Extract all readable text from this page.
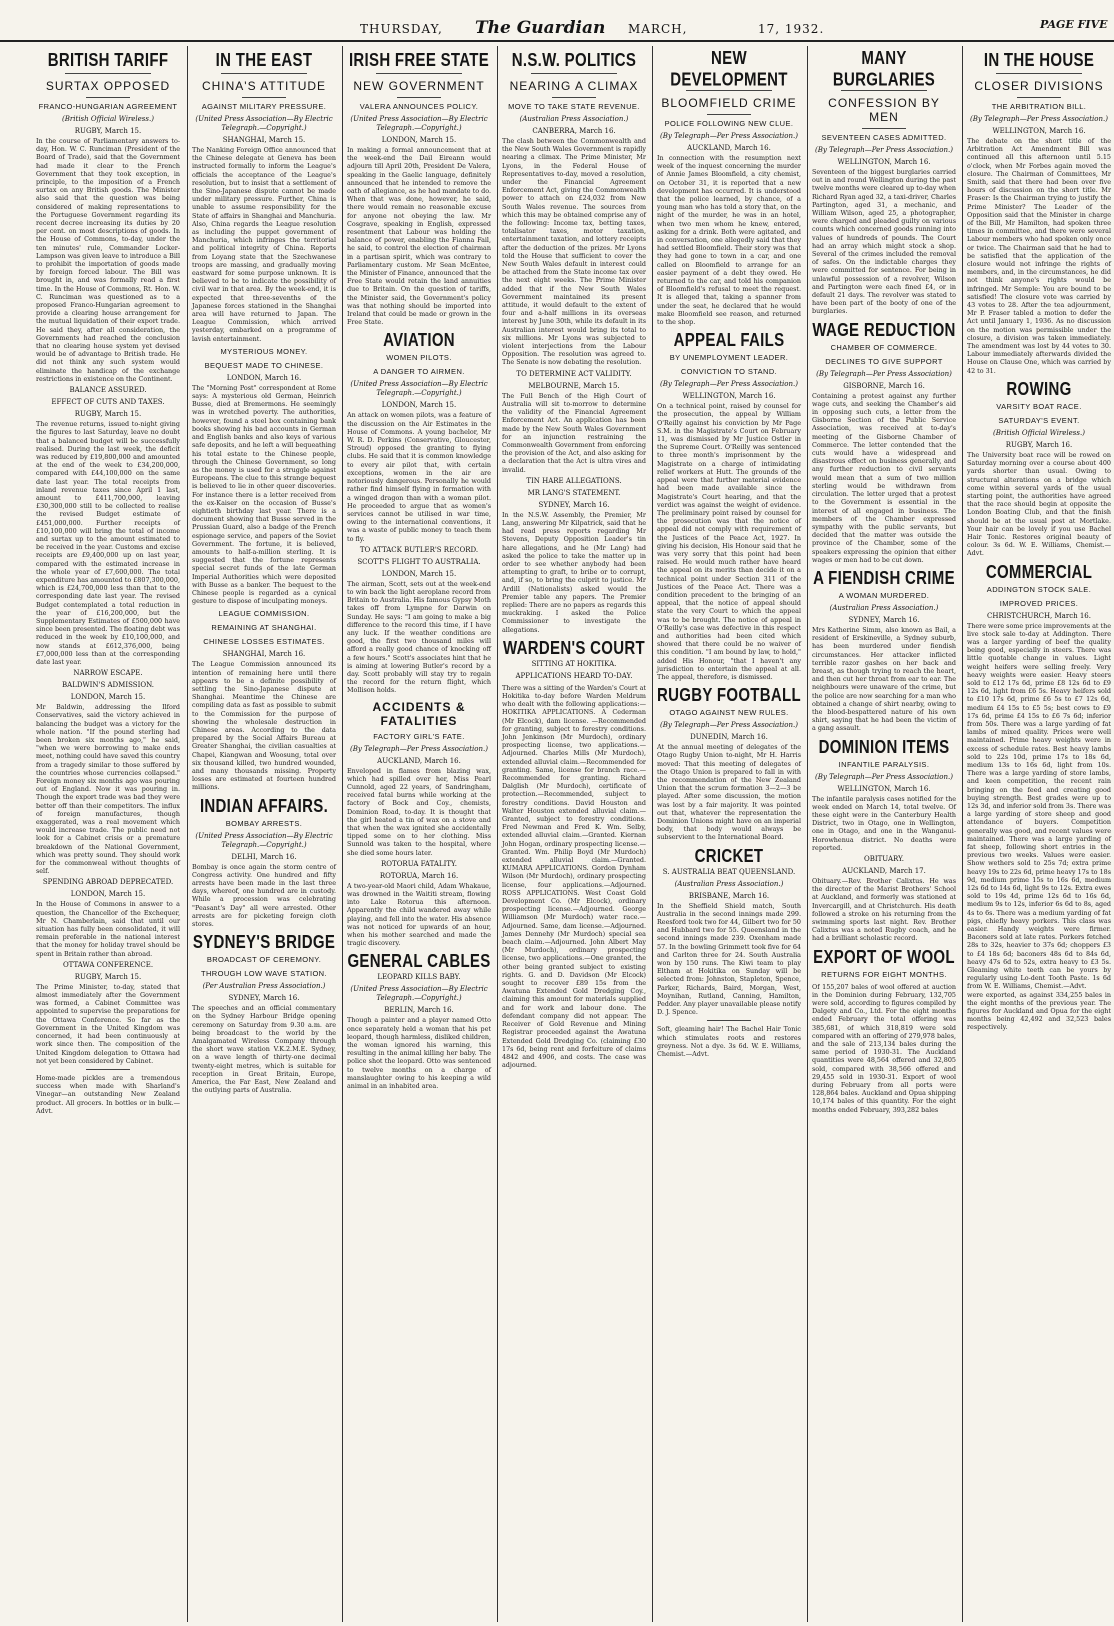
THURSDAY, The Guardian MARCH,	17, 1932.	PAGE FIVE
BRITISH TARIFF
SURTAX OPPOSED
FRANCO-HUNGARIAN AGREEMENT
(British Official Wireless.)
RUGBY, March 15.
In the course of Parliamentary answers to-day, Hon. W. C. Runciman (President of the Board of Trade), said that the Government had made it clear to the French Government that they took exception, in principle, to the imposition of a French surtax on any British goods. The Minister also said that the question was being considered of making representations to the Portuguese Government regarding its recent decree increasing its duties by 20 per cent. on most descriptions of goods. In the House of Commons, to-day, under the ten minutes' rule, Commander Locker-Lampson was given leave to introduce a Bill to prohibit the importation of goods made by foreign forced labour. The Bill was brought in, and was formally read a first time. In the House of Commons, Rt. Hon. W. C. Runciman was questioned as to a proposed Franco-Hungarian agreement to provide a clearing house arrangement for the mutual liquidation of their export trade. He said they, after all consideration, the Governments had reached the conclusion that no clearing house system yet devised would be of advantage to British trade. He did not think any such system would eliminate the handicap of the exchange restrictions in existence on the Continent.
BALANCE ASSURED.
EFFECT OF CUTS AND TAXES.
RUGBY, March 15.
The revenue returns, issued to-night giving the figures to last Saturday, leave no doubt that a balanced budget will be successfully realised. During the last week, the deficit was reduced by £19,800,000 and amounted at the end of the week to £34,200,000, compared with £44,100,000 on the same date last year. The total receipts from inland revenue taxes since April 1 last, amount to £411,700,000, leaving £30,300,000 still to be collected to realise the revised Budget estimate of £451,000,000. Further receipts of £10,100,000 will bring the total of income and surtax up to the amount estimated to be received in the year. Customs and excise receipts are £9,400,000 up on last year, compared with the estimated increase in the whole year of £7,600,000. The total expenditure has amounted to £807,300,000, which is £24,700,000 less than that to the corresponding date last year. The revised Budget contemplated a total reduction in the year of £16,200,000, but the Supplementary Estimates of £500,000 have since been presented. The floating debt was reduced in the week by £10,100,000, and now stands at £612,376,000, being £7,000,000 less than at the corresponding date last year.
NARROW ESCAPE.
BALDWIN'S ADMISSION.
LONDON, March 15.
Mr Baldwin, addressing the Ilford Conservatives, said the victory achieved in balancing the budget was a victory for the whole nation. "If the pound sterling had been broken six months ago," he said, "when we were borrowing to make ends meet, nothing could have saved this country from a tragedy similar to those suffered by the countries whose currencies collapsed." Foreign money six months ago was pouring out of England. Now it was pouring in. Though the export trade was bad they were better off than their competitors. The influx of foreign manufactures, though exaggerated, was a real movement which would increase trade. The public need not look for a Cabinet crisis or a premature breakdown of the National Government, which was pretty sound. They should work for the commonweal without thoughts of self.
SPENDING ABROAD DEPRECATED.
LONDON, March 15.
In the House of Commons in answer to a question, the Chancellor of the Exchequer, Mr N. Chamberlain, said that until our situation has fully been consolidated, it will remain preferable in the national interest that the money for holiday travel should be spent in Britain rather than abroad.
OTTAWA CONFERENCE.
RUGBY, March 15.
The Prime Minister, to-day, stated that almost immediately after the Government was formed, a Cabinet Committee was appointed to supervise the preparations for the Ottawa Conference. So far as the Government in the United Kingdom was concerned, it had been continuously at work since then. The composition of the United Kingdom delegation to Ottawa had not yet been considered by Cabinet.
Home-made pickles are a tremendous success when made with Sharland's Vinegar—an outstanding New Zealand product. All grocers. In bottles or in bulk.—Advt.
IN THE EAST
CHINA'S ATTITUDE
AGAINST MILITARY PRESSURE.
(United Press Association—By Electric Telegraph.—Copyright.)
SHANGHAI, March 15.
The Nanking Foreign Office announced that the Chinese delegate at Geneva has been instructed formally to inform the League's officials the acceptance of the League's resolution, but to insist that a settlement of the Sino-Japanese dispute cannot be made under military pressure. Further, China is unable to assume responsibility for the State of affairs in Shanghai and Manchuria. Also, China regards the League resolution as including the puppet government of Manchuria, which infringes the territorial and political integrity of China. Reports from Loyang state that the Szechwanese troops are massing, and gradually moving eastward for some purpose unknown. It is believed to be to indicate the possibility of civil war in that area. By the week-end, it is expected that three-sevenths of the Japanese forces stationed in the Shanghai area will have returned to Japan. The League Commission, which arrived yesterday, embarked on a programme of lavish entertainment.
MYSTERIOUS MONEY.
BEQUEST MADE TO CHINESE.
LONDON, March 16.
The "Morning Post" correspondent at Rome says: A mysterious old German, Heinrich Busse, died at Bremermons. He seemingly was in wretched poverty. The authorities, however, found a steel box containing bank books showing his bad accounts in German and English banks and also keys of various safe deposits, and he left a will bequeathing his total estate to the Chinese people, through the Chinese Government, so long as the money is used for a struggle against Europeans. The clue to this strange bequest is believed to lie in other queer discoveries. For instance there is a letter received from the ex-Kaiser on the occasion of Busse's eightieth birthday last year. There is a document showing that Busse served in the Prussian Guard, also a badge of the French espionage service, and papers of the Soviet Government. The fortune, it is believed, amounts to half-a-million sterling. It is suggested that the fortune represents special secret funds of the late German Imperial Authorities which were deposited with Busse as a banker. The bequest to the Chinese people is regarded as a cynical gesture to dispose of inculpating moneys.
LEAGUE COMMISSION.
REMAINING AT SHANGHAI.
CHINESE LOSSES ESTIMATES.
SHANGHAI, March 16.
The League Commission announced its intention of remaining here until there appears to be a definite possibility of settling the Sino-Japanese dispute at Shanghai. Meantime the Chinese are compiling data as fast as possible to submit to the Commission for the purpose of showing the wholesale destruction in Chinese areas. According to the data prepared by the Social Affairs Bureau at Greater Shanghai, the civilian casualties at Chapei, Kiangwan and Woosung, total over six thousand killed, two hundred wounded, and many thousands missing. Property losses are estimated at fourteen hundred millions.
INDIAN AFFAIRS.
BOMBAY ARRESTS.
(United Press Association—By Electric Telegraph.—Copyright.)
DELHI, March 16.
Bombay is once again the storm centre of Congress activity. One hundred and fifty arrests have been made in the last three days, whereof, one hundred are in custody. While a procession was celebrating "Peasant's Day" all were arrested. Other arrests are for picketing foreign cloth stores.
SYDNEY'S BRIDGE
BROADCAST OF CEREMONY.
THROUGH LOW WAVE STATION.
(Per Australian Press Association.)
SYDNEY, March 16.
The speeches and an official commentary on the Sydney Harbour Bridge opening ceremony on Saturday from 9.30 a.m. are being broadcast to the world by the Amalgamated Wireless Company through the short wave station V.K.2.M.E. Sydney, on a wave length of thirty-one decimal twenty-eight metres, which is suitable for reception in Great Britain, Europe, America, the Far East, New Zealand and the outlying parts of Australia.
IRISH FREE STATE
NEW GOVERNMENT
VALERA ANNOUNCES POLICY.
(United Press Association—By Electric Telegraph.—Copyright.)
LONDON, March 15.
In making a formal announcement that at the week-end the Dail Eireann would adjourn till April 20th, President De Valera, speaking in the Gaelic language, definitely announced that he intended to remove the oath of allegiance, as he had mandate to do. When that was done, however, he said, there would remain no reasonable excuse for anyone not obeying the law. Mr Cosgrave, speaking in English, expressed resentment that Labour was holding the balance of power, enabling the Fianna Fail, he said, to control the election of chairman in a partisan spirit, which was contrary to Parliamentary custom. Mr Sean McEntee, the Minister of Finance, announced that the Free State would retain the land annuities due to Britain. On the question of tariffs, the Minister said, the Government's policy was that nothing should be imported into Ireland that could be made or grown in the Free State.
AVIATION
WOMEN PILOTS.
A DANGER TO AIRMEN.
(United Press Association—By Electric Telegraph.—Copyright.)
LONDON, March 15.
An attack on women pilots, was a feature of the discussion on the Air Estimates in the House of Commons. A young bachelor, Mr W. R. D. Perkins (Conservative, Gloucester, Stroud) opposed the granting to flying clubs. He said that it is common knowledge to every air pilot that, with certain exceptions, women in the air are notoriously dangerous. Personally he would rather find himself flying in formation with a winged dragon than with a woman pilot. He proceeded to argue that as women's services cannot be utilised in war time, owing to the international conventions, it was a waste of public money to teach them to fly.
TO ATTACK BUTLER'S RECORD.
SCOTT'S FLIGHT TO AUSTRALIA.
LONDON, March 15.
The airman, Scott, sets out at the week-end to win back the light aeroplane record from Britain to Australia. His famous Gypsy Moth takes off from Lympne for Darwin on Sunday. He says: "I am going to make a big difference to the record this time, if I have any luck. If the weather conditions are good, the first two thousand miles will afford a really good chance of knocking off a few hours." Scott's associates hint that he is aiming at lowering Butler's record by a day. Scott probably will stay try to regain the record for the return flight, which Mollison holds.
ACCIDENTS & FATALITIES
FACTORY GIRL'S FATE.
(By Telegraph—Per Press Association.)
AUCKLAND, March 16.
Enveloped in flames from blazing wax, which had spilled over her, Miss Pearl Cunnold, aged 22 years, of Sandringham, received fatal burns while working at the factory of Bock and Coy., chemists, Dominion Road, to-day. It is thought that the girl heated a tin of wax on a stove and that when the wax ignited she accidentally tipped some on to her clothing. Miss Sunnold was taken to the hospital, where she died some hours later.
ROTORUA FATALITY.
ROTORUA, March 16.
A two-year-old Maori child, Adam Whakaue, was drowned in the Waititi stream, flowing into Lake Rotorua this afternoon. Apparently the child wandered away while playing, and fell into the water. His absence was not noticed for upwards of an hour, when his mother searched and made the tragic discovery.
GENERAL CABLES
LEOPARD KILLS BABY.
(United Press Association—By Electric Telegraph.—Copyright.)
BERLIN, March 16.
Though a painter and a player named Otto once separately held a woman that his pet leopard, though harmless, disliked children, the woman ignored his warning, this resulting in the animal killing her baby. The police shot the leopard. Otto was sentenced to twelve months on a charge of manslaughter owing to his keeping a wild animal in an inhabited area.
N.S.W. POLITICS
NEARING A CLIMAX
MOVE TO TAKE STATE REVENUE.
(Australian Press Association.)
CANBERRA, March 16.
The clash between the Commonwealth and the New South Wales Government is rapidly nearing a climax. The Prime Minister, Mr Lyons, in the Federal House of Representatives to-day, moved a resolution, under the Financial Agreement Enforcement Act, giving the Commonwealth power to attach on £24,032 from New South Wales revenue. The sources from which this may be obtained comprise any of the following: Income tax, betting taxes, totalisator taxes, motor taxation, entertainment taxation, and lottery receipts after the deduction of the prizes. Mr Lyons told the House that sufficient to cover the New South Wales default in interest could be attached from the State income tax over the next eight weeks. The Prime Minister added that if the New South Wales Government maintained its present attitude, it would default to the extent of four and a-half millions in its overseas interest by June 30th, while its default in its Australian interest would bring its total to six millions. Mr Lyons was subjected to violent interjections from the Labour Opposition. The resolution was agreed to. The Senate is now debating the resolution.
TO DETERMINE ACT VALIDITY.
MELBOURNE, March 15.
The Full Bench of the High Court of Australia will sit to-morrow to determine the validity of the Financial Agreement Enforcement Act. An application has been made by the New South Wales Government for an injunction restraining the Commonwealth Government from enforcing the provision of the Act, and also asking for a declaration that the Act is ultra vires and invalid.
TIN HARE ALLEGATIONS.
MR LANG'S STATEMENT.
SYDNEY, March 16.
In the N.S.W. Assembly, the Premier, Mr Lang, answering Mr Kilpatrick, said that he had read press reports regarding Mr Stevens, Deputy Opposition Leader's tin hare allegations, and he (Mr Lang) had asked the police to take the matter up in order to see whether anybody had been attempting to graft, to bribe or to corrupt, and, if so, to bring the culprit to justice. Mr Ardill (Nationalists) asked would the Premier table any papers. The Premier replied: There are no papers as regards this muckraking. I asked the Police Commissioner to investigate the allegations.
WARDEN'S COURT
SITTING AT HOKITIKA.
APPLICATIONS HEARD TO-DAY.
There was a sitting of the Warden's Court at Hokitika to-day before Warden Meldrum who dealt with the following applications:— HOKITIKA APPLICATIONS. A Cederman (Mr Elcock), dam license. —Recommended for granting, subject to forestry conditions. John Jenkinson (Mr Murdoch), ordinary prospecting license, two applications.—Adjourned. Charles Mills (Mr Murdoch), extended alluvial claim.—Recommended for granting. Same, license for branch race.—Recommended for granting. Richard Dalglish (Mr Murdoch), certificate of protection.—Recommended, subject to forestry conditions. David Houston and Walter Houston extended alluvial claim.—Granted, subject to forestry conditions. Fred Newman and Fred K. Wm. Selby, extended alluvial claim.—Granted. Kiernan John Hogan, ordinary prospecting license.—Granted. Wm. Philip Boyd (Mr Murdoch) extended alluvial claim.—Granted. KUMARA APPLICATIONS. Gordon Dynham Wilson (Mr Murdoch), ordinary prospecting license, four applications.—Adjourned. ROSS APPLICATIONS. West Coast Gold Development Co. (Mr Elcock), ordinary prospecting license.—Adjourned. George Williamson (Mr Murdoch) water race.—Adjourned. Same, dam license.—Adjourned. James Dennehy (Mr Murdoch) special sea beach claim.—Adjourned. John Albert May (Mr Murdoch), ordinary prospecting license, two applications.—One granted, the other being granted subject to existing rights. G. and D. Davidson (Mr Elcock) sought to recover £89 15s from the Awatuna Extended Gold Dredging Coy., claiming this amount for materials supplied and for work and labour done. The defendant company did not appear. The Receiver of Gold Revenue and Mining Registrar proceeded against the Awatuna Extended Gold Dredging Co. (claiming £30 17s 6d, being rent and forfeiture of claims 4842 and 4906, and costs. The case was adjourned.
NEW DEVELOPMENT
BLOOMFIELD CRIME
POLICE FOLLOWING NEW CLUE.
(By Telegraph—Per Press Association.)
AUCKLAND, March 16.
In connection with the resumption next week of the inquest concerning the murder of Annie James Bloomfield, a city chemist, on October 31, it is reported that a new development has occurred. It is understood that the police learned, by chance, of a young man who has told a story that, on the night of the murder, he was in an hotel, when two men whom he knew, entered, asking for a drink. Both were agitated, and in conversation, one allegedly said that they had settled Bloomfield. Their story was that they had gone to town in a car, and one called on Bloomfield to arrange for an easier payment of a debt they owed. He returned to the car, and told his companion of Bloomfield's refusal to meet the request. It is alleged that, taking a spanner from under the seat, he declared that he would make Bloomfield see reason, and returned to the shop.
APPEAL FAILS
BY UNEMPLOYMENT LEADER.
CONVICTION TO STAND.
(By Telegraph—Per Press Association.)
WELLINGTON, March 16.
On a technical point, raised by counsel for the prosecution, the appeal by William O'Reilly against his conviction by Mr Page S.M. in the Magistrate's Court on February 11, was dismissed by Mr Justice Ostler in the Supreme Court. O'Reilly was sentenced to three month's imprisonment by the Magistrate on a charge of intimidating relief workers at Hutt. The grounds of the appeal were that further material evidence had been made available since the Magistrate's Court hearing, and that the verdict was against the weight of evidence. The preliminary point raised by counsel for the prosecution was that the notice of appeal did not comply with requirement of the Justices of the Peace Act, 1927. In giving his decision, His Honour said that he was very sorry that this point had been raised. He would much rather have heard the appeal on its merits than decide it on a technical point under Section 311 of the Justices of the Peace Act. There was a condition precedent to the bringing of an appeal, that the notice of appeal should state the very Court to which the appeal was to be brought. The notice of appeal in O'Reilly's case was defective in this respect and authorities had been cited which showed that there could be no waiver of this condition. "I am bound by law, to hold," added His Honour, "that I haven't any jurisdiction to entertain the appeal at all. The appeal, therefore, is dismissed.
RUGBY FOOTBALL
OTAGO AGAINST NEW RULES.
(By Telegraph—Per Press Association.)
DUNEDIN, March 16.
At the annual meeting of delegates of the Otago Rugby Union to-night, Mr H. Harris moved: That this meeting of delegates of the Otago Union is prepared to fall in with the recommendation of the New Zealand Union that the scrum formation 3—2—3 be played. After some discussion, the motion was lost by a fair majority. It was pointed out that, whatever the representation the Dominion Unions might have on an imperial body, that body would always be subservient to the International Board.
CRICKET
S. AUSTRALIA BEAT QUEENSLAND.
(Australian Press Association.)
BRISBANE, March 16.
In the Sheffield Shield match, South Australia in the second innings made 299. Reesford took two for 44, Gilbert two for 50 and Hubbard two for 55. Queensland in the second innings made 239. Oxenham made 57. In the bowling Grimmett took five for 64 and Carlton three for 24. South Australia won by 150 runs. The Kiwi team to play Eltham at Hokitika on Sunday will be selected from: Johnston, Stapleton, Spence, Parker, Richards, Baird, Morgan, West, Moynihan, Rutland, Canning, Hamilton, Pedder. Any player unavailable please notify D. J. Spence.
Soft, gleaming hair! The Bachel Hair Tonic which stimulates roots and restores greyness. Not a dye. 3s 6d. W. E. Williams, Chemist.—Advt.
MANY BURGLARIES
CONFESSION BY MEN
SEVENTEEN CASES ADMITTED.
(By Telegraph—Per Press Association.)
WELLINGTON, March 16.
Seventeen of the biggest burglaries carried out in and round Wellington during the past twelve months were cleared up to-day when Richard Ryan aged 32, a taxi-driver, Charles Partington, aged 31, a mechanic, and William Wilson, aged 25, a photographer, were charged and pleaded guilty on various counts which concerned goods running into values of hundreds of pounds. The Court had an array which might stock a shop. Several of the crimes included the removal of safes. On the indictable charges they were committed for sentence. For being in unlawful possession of a revolver, Wilson and Partington were each fined £4, or in default 21 days. The revolver was stated to have been part of the booty of one of the burglaries.
WAGE REDUCTION
CHAMBER OF COMMERCE.
DECLINES TO GIVE SUPPORT
(By Telegraph—Per Press Association)
GISBORNE, March 16.
Containing a protest against any further wage cuts, and seeking the Chamber's aid in opposing such cuts, a letter from the Gisborne Section of the Public Service Association, was received at to-day's meeting of the Gisborne Chamber of Commerce. The letter contended that the cuts would have a widespread and disastrous effect on business generally, and any further reduction to civil servants would mean that a sum of two million sterling would be withdrawn from circulation. The letter urged that a protest to the Government is essential in the interest of all engaged in business. The members of the Chamber expressed sympathy with the public servants, but decided that the matter was outside the province of the Chamber, some of the speakers expressing the opinion that either wages or men had to be cut down.
A FIENDISH CRIME
A WOMAN MURDERED.
(Australian Press Association.)
SYDNEY, March 16.
Mrs Katherine Simm, also known as Bail, a resident of Erskineville, a Sydney suburb, has been murdered under fiendish circumstances. Her attacker inflicted terrible razor gashes on her back and breast, as though trying to reach the heart, and then cut her throat from ear to ear. The neighbours were unaware of the crime, but the police are now searching for a man who obtained a change of shirt nearby, owing to the blood-bespattered nature of his own shirt, saying that he had been the victim of a gang assault.
DOMINION ITEMS
INFANTILE PARALYSIS.
(By Telegraph—Per Press Association.)
WELLINGTON, March 16.
The infantile paralysis cases notified for the week ended on March 14, total twelve. Of these eight were in the Canterbury Health District, two in Otago, one in Wellington, one in Otago, and one in the Wanganui-Horowhenua district. No deaths were reported.
OBITUARY.
AUCKLAND, March 17.
Obituary.—Rev. Brother Calixtus. He was the director of the Marist Brothers' School at Auckland, and formerly was stationed at Invercargill, and at Christchurch. His death followed a stroke on his returning from the swimming sports last night. Rev. Brother Calixtus was a noted Rugby coach, and he had a brilliant scholastic record.
EXPORT OF WOOL
RETURNS FOR EIGHT MONTHS.
Of 155,207 bales of wool offered at auction in the Dominion during February, 132,705 were sold, according to figures compiled by Dalgety and Co., Ltd. For the eight months ended February the total offering was 385,681, of which 318,819 were sold compared with an offering of 279,978 bales, and the sale of 213,134 bales during the same period of 1930-31. The Auckland quantities were 48,564 offered and 32,805 sold, compared with 38,566 offered and 29,455 sold in 1930-31. Export of wool during February from all ports were 128,864 bales. Auckland and Opua shipping 10,174 bales of this quantity. For the eight months ended February, 393,282 bales
IN THE HOUSE
CLOSER DIVISIONS
THE ARBITRATION BILL.
(By Telegraph—Per Press Association.)
WELLINGTON, March 16.
The debate on the short title of the Arbitration Act Amendment Bill was continued all this afternoon until 5.15 o'clock, when Mr Forbes again moved the closure. The Chairman of Committees, Mr Smith, said that there had been over five hours of discussion on the short title. Mr Fraser: Is the Chairman trying to justify the Prime Minister? The Leader of the Opposition said that the Minister in charge of the Bill, Mr Hamilton, had spoken three times in committee, and there were several Labour members who had spoken only once or twice. The Chairman said that he had to be satisfied that the application of the closure would not infringe the rights of members, and, in the circumstances, he did not think anyone's rights would be infringed. Mr Semple: You are bound to be satisfied! The closure vote was carried by 43 votes to 28. After the tea adjournment, Mr P. Fraser tabled a motion to defer the Act until January 1, 1936. As no discussion on the motion was permissible under the closure, a division was taken immediately. The amendment was lost by 44 votes to 30. Labour immediately afterwards divided the House on Clause One, which was carried by 42 to 31.
ROWING
VARSITY BOAT RACE.
SATURDAY'S EVENT.
(British Official Wireless.)
RUGBY, March 16.
The University boat race will be rowed on Saturday morning over a course about 400 yards shorter than usual. Owing to structural alterations on a bridge which come within several yards of the usual starting point, the authorities have agreed that the race should begin at opposite the London Boating Club, and that the finish should be at the usual post at Mortlake. Your hair can be lovely if you use Bachel Hair Tonic. Restores original beauty of colour. 3s 6d. W. E. Williams, Chemist.—Advt.
COMMERCIAL
ADDINGTON STOCK SALE.
IMPROVED PRICES.
CHRISTCHURCH, March 16.
There were some price improvements at the live stock sale to-day at Addington. There was a larger yarding of beef the quality being good, especially in steers. There was little quotable change in values. Light weight heifers were selling freely. Very heavy weights were easier. Heavy steers sold to £12 17s 6d, prime £8 12s 6d to £9 12s 6d, light from £6 5s. Heavy heifers sold to £10 17s 6d, prime £6 5s to £7 12s 6d, medium £4 15s to £5 5s; best cows to £9 17s 6d, prime £4 15s to £6 7s 6d; inferior from 50s. There was a large yarding of fat lambs of mixed quality. Prices were well maintained. Prime heavy weights were in excess of schedule rates. Best heavy lambs sold to 22s 10d, prime 17s to 18s 6d, medium 13s to 16s 6d, light from 10s. There was a large yarding of store lambs, and keen competition, the recent rain bringing on the feed and creating good buying strength. Best grades were up to 12s 3d, and inferior sold from 3s. There was a large yarding of store sheep and good attendance of buyers. Competition generally was good, and recent values were maintained. There was a large yarding of fat sheep, following short entries in the previous two weeks. Values were easier. Show wethers sold to 25s 7d; extra prime heavy 19s to 22s 6d, prime heavy 17s to 18s 9d, medium prime 15s to 16s 6d, medium 12s 6d to 14s 6d, light 9s to 12s. Extra ewes sold to 19s 4d, prime 12s 6d to 16s 6d, medium 9s to 12s, inferior 6s 6d to 8s, aged 4s to 6s. There was a medium yarding of fat pigs, chiefly heavy porkers. This class was easier. Handy weights were firmer. Baconers sold at late rates. Porkers fetched 28s to 32s, heavier to 37s 6d; choppers £3 to £4 18s 6d; baconers 48s 6d to 84s 6d, heavy 47s 6d to 52s, extra heavy to £3 5s. Gleaming white teeth can be yours by regularly using Lo-dent Tooth Paste. 1s 6d from W. E. Williams, Chemist.—Advt.
were exported, as against 334,255 bales in the eight months of the previous year. The figures for Auckland and Opua for the eight months being 42,492 and 32,523 bales respectively.
